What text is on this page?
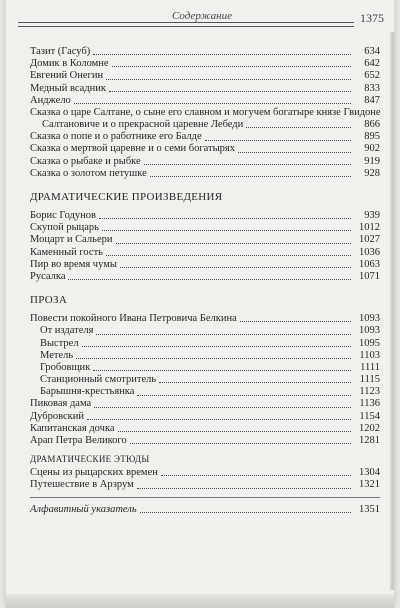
Содержание	1375
Тазит (Гасуб)	634
Домик в Коломне	642
Евгений Онегин	652
Медный всадник	833
Анджело	847
Сказка о царе Салтане, о сыне его славном и могучем богатыре князе Гвидоне
Салтановиче и о прекрасной царевне Лебеди	866
Сказка о попе и о работнике его Балде	895
Сказка о мертвой царевне и о семи богатырях	902
Сказка о рыбаке и рыбке	919
Сказка о золотом петушке	928
ДРАМАТИЧЕСКИЕ ПРОИЗВЕДЕНИЯ
Борис Годунов	939
Скупой рыцарь	1012
Моцарт и Сальери	1027
Каменный гость	1036
Пир во время чумы	1063
Русалка	1071
ПРОЗА
Повести покойного Ивана Петровича Белкина	1093
От издателя	1093
Выстрел	1095
Метель	1103
Гробовщик	1111
Станционный смотритель	1115
Барышня-крестьянка	1123
Пиковая дама	1136
Дубровский	1154
Капитанская дочка	1202
Арап Петра Великого	1281
ДРАМАТИЧЕСКИЕ ЭТЮДЫ
Сцены из рыцарских времен	1304
Путешествие в Арзрум	1321
Алфавитный указатель	1351
